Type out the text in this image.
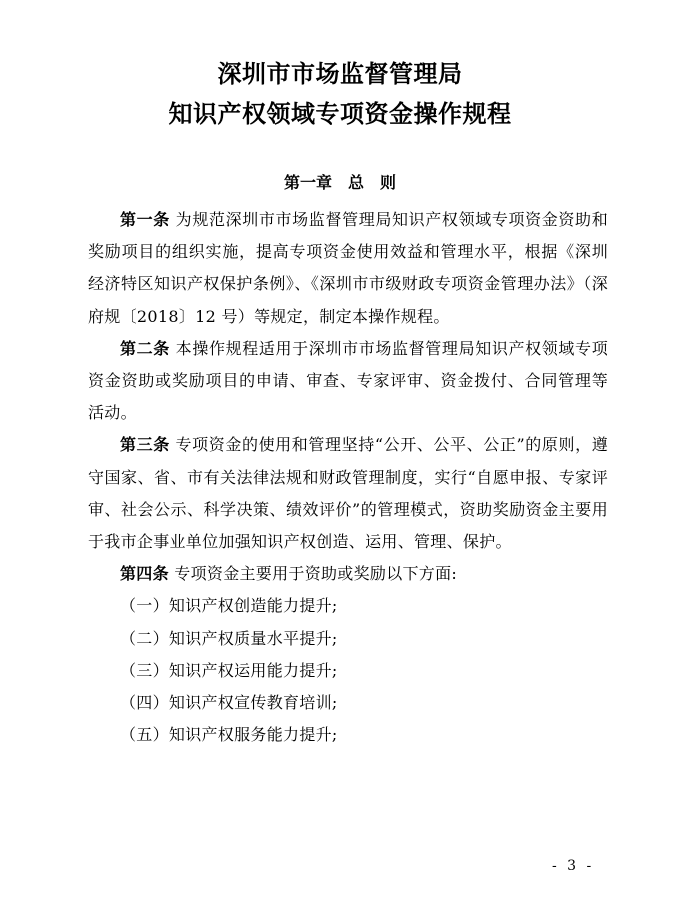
深圳市市场监督管理局
知识产权领域专项资金操作规程
第一章　总　则

第一条 为规范深圳市市场监督管理局知识产权领域专项资金资助和奖励项目的组织实施，提高专项资金使用效益和管理水平，根据《深圳经济特区知识产权保护条例》、《深圳市市级财政专项资金管理办法》（深府规〔2018〕12 号）等规定，制定本操作规程。

第二条 本操作规程适用于深圳市市场监督管理局知识产权领域专项资金资助或奖励项目的申请、审查、专家评审、资金拨付、合同管理等活动。

第三条 专项资金的使用和管理坚持“公开、公平、公正”的原则，遵守国家、省、市有关法律法规和财政管理制度，实行“自愿申报、专家评审、社会公示、科学决策、绩效评价”的管理模式，资助奖励资金主要用于我市企事业单位加强知识产权创造、运用、管理、保护。

第四条 专项资金主要用于资助或奖励以下方面:

（一）知识产权创造能力提升;

（二）知识产权质量水平提升;

（三）知识产权运用能力提升;

（四）知识产权宣传教育培训;

（五）知识产权服务能力提升;

- 3 -
